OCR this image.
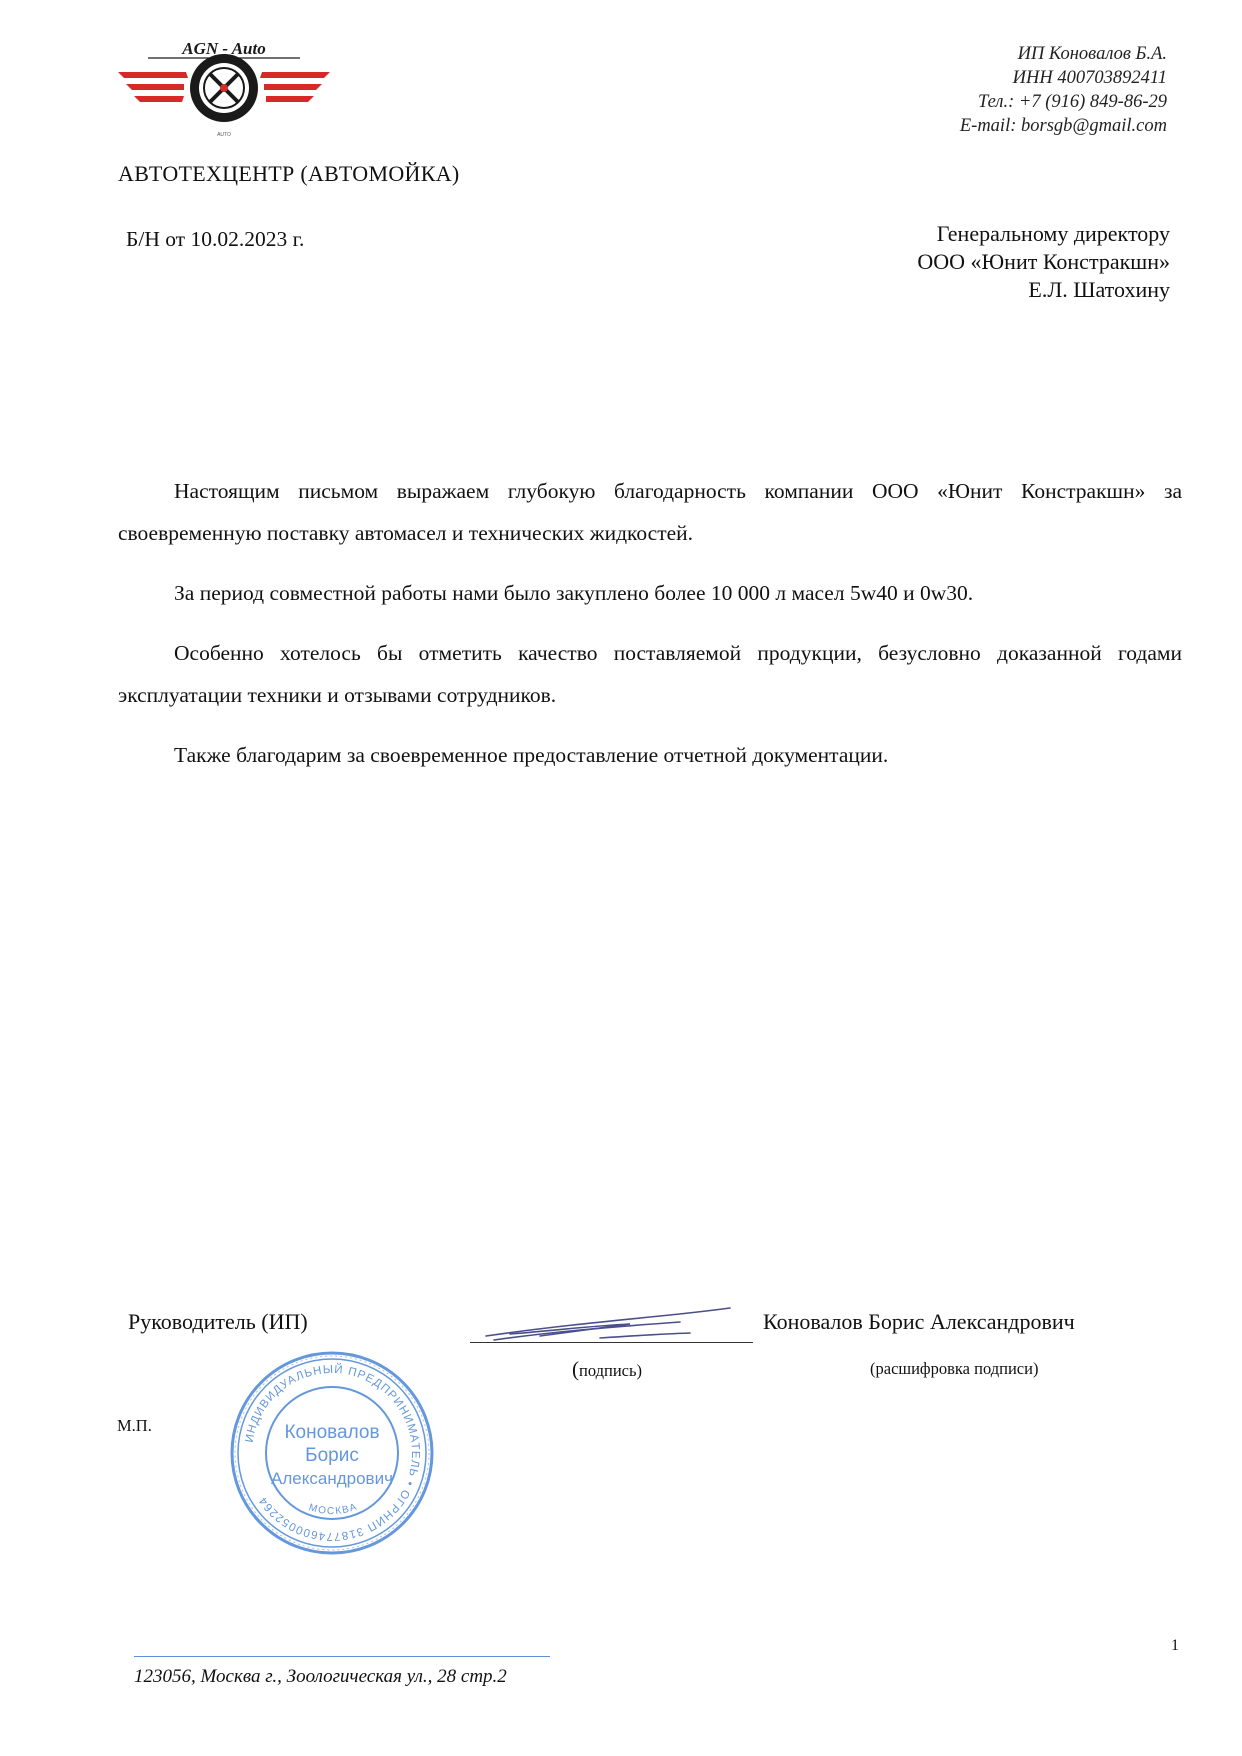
AGN - Auto
AUTO
ИП Коновалов Б.А.
ИНН 400703892411
Тел.: +7 (916) 849-86-29
E-mail: borsgb@gmail.com
АВТОТЕХЦЕНТР (АВТОМОЙКА)
Б/Н от 10.02.2023 г.	Генеральному директору
ООО «Юнит Констракшн»
Е.Л. Шатохину

Настоящим письмом выражаем глубокую благодарность компании ООО «Юнит Констракшн» за своевременную поставку автомасел и технических жидкостей.

За период совместной работы нами было закуплено более 10 000 л масел 5w40 и 0w30.

Особенно хотелось бы отметить качество поставляемой продукции, безусловно доказанной годами эксплуатации техники и отзывами сотрудников.

Также благодарим за своевременное предоставление отчетной документации.

Руководитель (ИП)	Коновалов Борис Александрович
(подпись)	(расшифровка подписи)
М.П.
ИНДИВИДУАЛЬНЫЙ ПРЕДПРИНИМАТЕЛЬ • ОГРНИП 318774600052264
МОСКВА
Коновалов
Борис
Александрович
123056, Москва г., Зоологическая ул., 28 стр.2
1
